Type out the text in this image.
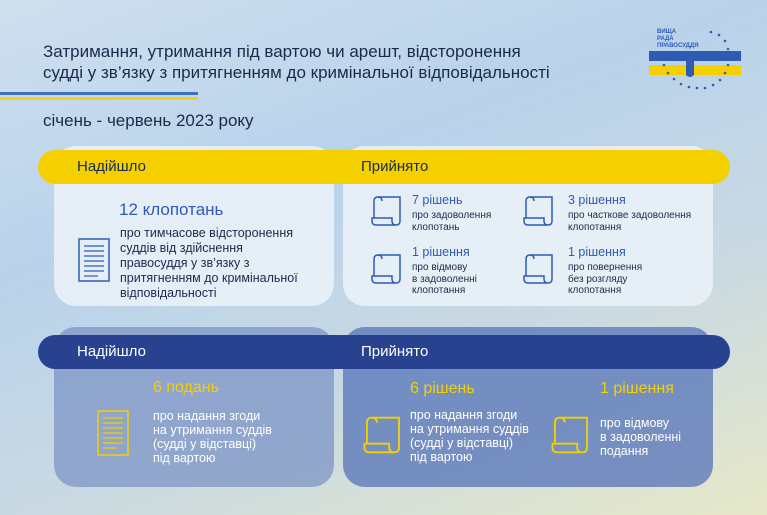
Затримання, утримання під вартою чи арешт, відсторонення
судді у зв’язку з притягненням до кримінальної відповідальності
січень - червень 2023 року
ВИЩА
РАДА
ПРАВОСУДДЯ
Надійшло	Прийнято
12 клопотань
про тимчасове відсторонення
суддів від здійснення
правосуддя у зв’язку з
притягненням до кримінальної
відповідальності
7 рішень
про задоволення
клопотань
3 рішення
про часткове задоволення
клопотання
1 рішення
про відмову
в задоволенні
клопотання
1 рішення
про повернення
без розгляду
клопотання
Надійшло	Прийнято
6 подань
про надання згоди
на утримання суддів
(судді у відставці)
під вартою
6 рішень
про надання згоди
на утримання суддів
(судді у відставці)
під вартою
1 рішення
про відмову
в задоволенні
подання
